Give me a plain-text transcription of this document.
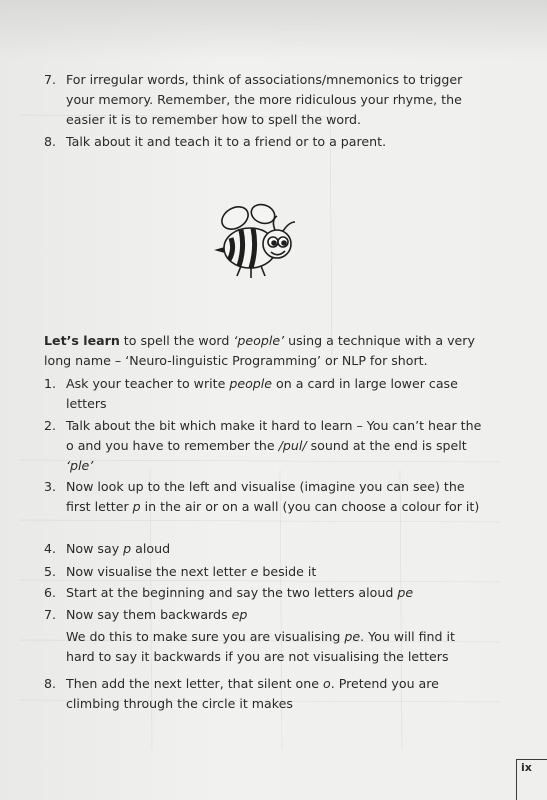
7. For irregular words, think of associations/mnemonics to trigger your memory. Remember, the more ridiculous your rhyme, the easier it is to remember how to spell the word.
8. Talk about it and teach it to a friend or to a parent.
Let’s learn to spell the word ‘people’ using a technique with a very long name – ‘Neuro-linguistic Programming’ or NLP for short.
1. Ask your teacher to write people on a card in large lower case letters
2. Talk about the bit which make it hard to learn – You can’t hear the o and you have to remember the /pul/ sound at the end is spelt ‘ple’
3. Now look up to the left and visualise (imagine you can see) the first letter p in the air or on a wall (you can choose a colour for it)
4. Now say p aloud
5. Now visualise the next letter e beside it
6. Start at the beginning and say the two letters aloud pe
7. Now say them backwards ep
We do this to make sure you are visualising pe. You will find it hard to say it backwards if you are not visualising the letters
8. Then add the next letter, that silent one o. Pretend you are climbing through the circle it makes
ix
